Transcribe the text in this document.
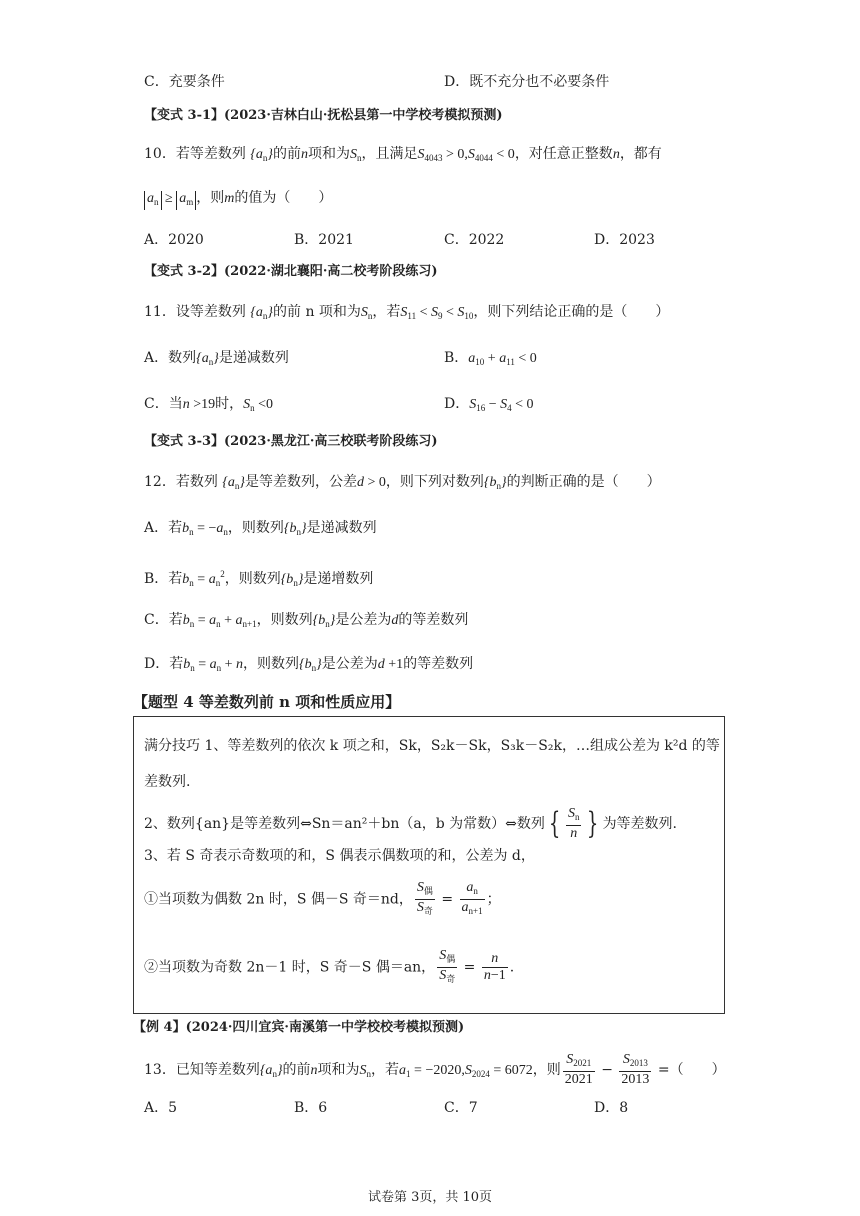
C．充要条件	D．既不充分也不必要条件
【变式 3-1】(2023·吉林白山·抚松县第一中学校考模拟预测)
10．若等差数列 $\{a_n\}$的前n项和为$S_n$，且满足$S_{4043} > 0,S_{4044} < 0$，对任意正整数n，都有
$a_n \ge a_m$ ，则m的值为（　　）
A．2020	B．2021	C．2022	D．2023
【变式 3-2】(2022·湖北襄阳·高二校考阶段练习)
11．设等差数列 $\{a_n\}$的前 n 项和为$S_n$，若$S_{11} < S_9 < S_{10}$，则下列结论正确的是（　　）
A．数列$\{a_n\}$是递减数列	B．$a_{10} + a_{11} < 0$
C．当n >19时，$S_n <0$	D．$S_{16} - S_4 < 0$
【变式 3-3】(2023·黑龙江·高三校联考阶段练习)
12．若数列 $\{a_n\}$是等差数列，公差d > 0，则下列对数列$\{b_n\}$的判断正确的是（　　）
A．若$b_n = -a_n$，则数列$\{b_n\}$是递减数列
B．若$b_n = a_n^2$，则数列$\{b_n\}$是递增数列
C．若$b_n = a_n + a_{n+1}$，则数列$\{b_n\}$是公差为d的等差数列
D．若$b_n = a_n + n$，则数列$\{b_n\}$是公差为d +1的等差数列
【题型 4 等差数列前 n 项和性质应用】
满分技巧 1、等差数列的依次 k 项之和，Sk，S₂k－Sk，S₃k－S₂k，…组成公差为 k²d 的等
差数列.
2、数列{an}是等差数列⇔Sn＝an²＋bn（a，b 为常数）⇔数列 { $\frac{S_n}{n}$ } 为等差数列.
3、若 S 奇表示奇数项的和，S 偶表示偶数项的和，公差为 d，
①当项数为偶数 2n 时，S 偶－S 奇＝nd， $\frac{S_偶}{S_奇} = \frac{a_n}{a_{n+1}}$ ；
②当项数为奇数 2n－1 时，S 奇－S 偶＝an， $\frac{S_偶}{S_奇} = \frac{n}{n-1}$ .
【例 4】(2024·四川宜宾·南溪第一中学校校考模拟预测)
13．已知等差数列$\{a_n\}$的前n项和为$S_n$，若$a_1 = -2020,S_{2024} = 6072$，则 $\frac{S_{2021}}{2021} - \frac{S_{2013}}{2013}$ =（　　）
A．5	B．6	C．7	D．8
试卷第 3页，共 10页
